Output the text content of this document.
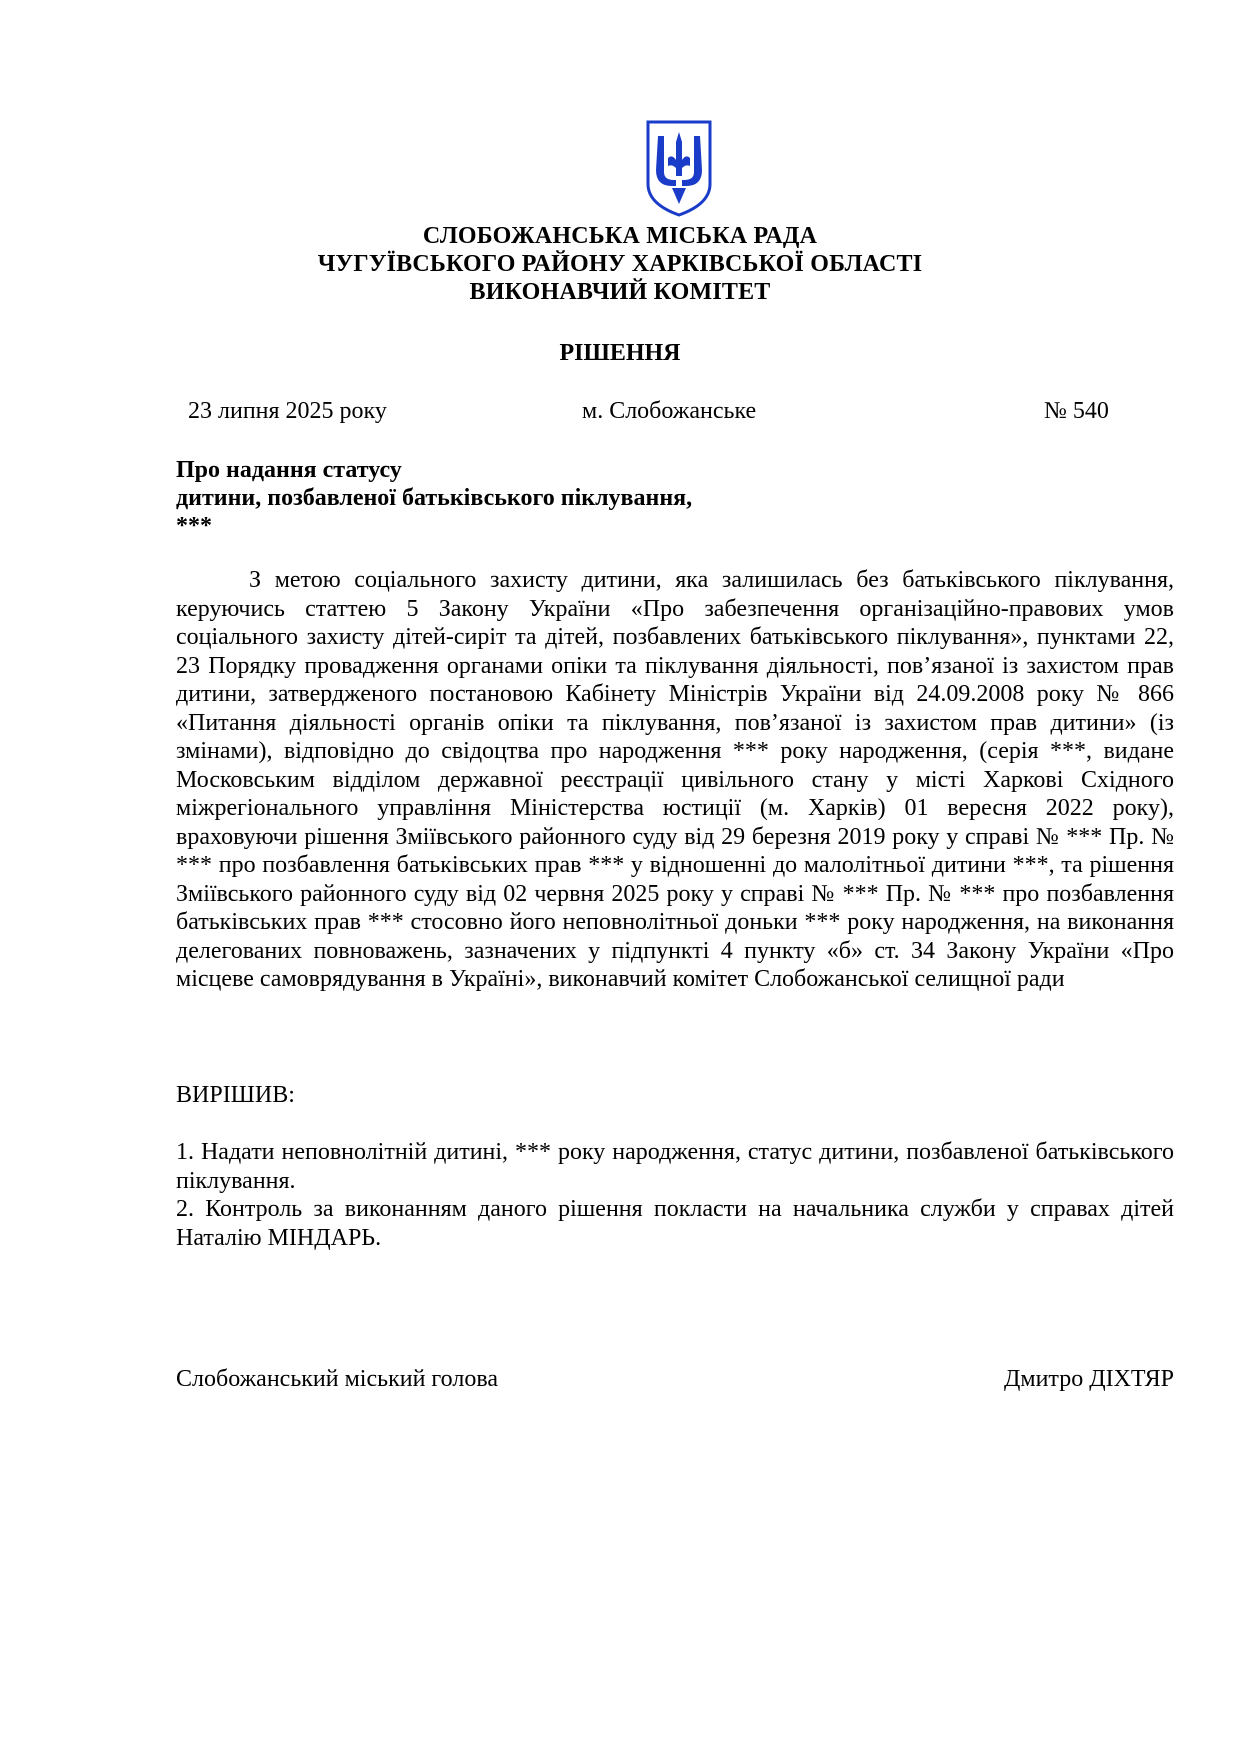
СЛОБОЖАНСЬКА МІСЬКА РАДА
ЧУГУЇВСЬКОГО РАЙОНУ ХАРКІВСЬКОЇ ОБЛАСТІ
ВИКОНАВЧИЙ КОМІТЕТ
РІШЕННЯ
23 липня 2025 року	м. Слобожанське	№ 540
Про надання статусу
дитини, позбавленої батьківського піклування,
***
З метою соціального захисту дитини, яка залишилась без батьківського піклування, керуючись статтею 5 Закону України «Про забезпечення організаційно-правових умов соціального захисту дітей-сиріт та дітей, позбавлених батьківського піклування», пунктами 22, 23 Порядку провадження органами опіки та піклування діяльності, пов’язаної із захистом прав дитини, затвердженого постановою Кабінету Міністрів України від 24.09.2008 року № 866 «Питання діяльності органів опіки та піклування, пов’язаної із захистом прав дитини» (із змінами), відповідно до свідоцтва про народження *** року народження, (серія ***, видане Московським відділом державної реєстрації цивільного стану у місті Харкові Східного міжрегіонального управління Міністерства юстиції (м. Харків) 01 вересня 2022 року), враховуючи рішення Зміївського районного суду від 29 березня 2019 року у справі № *** Пр. № *** про позбавлення батьківських прав *** у відношенні до малолітньої дитини ***, та рішення Зміївського районного суду від 02 червня 2025 року у справі № *** Пр. № *** про позбавлення батьківських прав *** стосовно його неповнолітньої доньки *** року народження, на виконання делегованих повноважень, зазначених у підпункті 4 пункту «б» ст. 34 Закону України «Про місцеве самоврядування в Україні», виконавчий комітет Слобожанської селищної ради
ВИРІШИВ:

1. Надати неповнолітній дитині, *** року народження, статус дитини, позбавленої батьківського піклування.

2. Контроль за виконанням даного рішення покласти на начальника служби у справах дітей Наталію МІНДАРЬ.

Слобожанський міський голова	Дмитро ДІХТЯР
